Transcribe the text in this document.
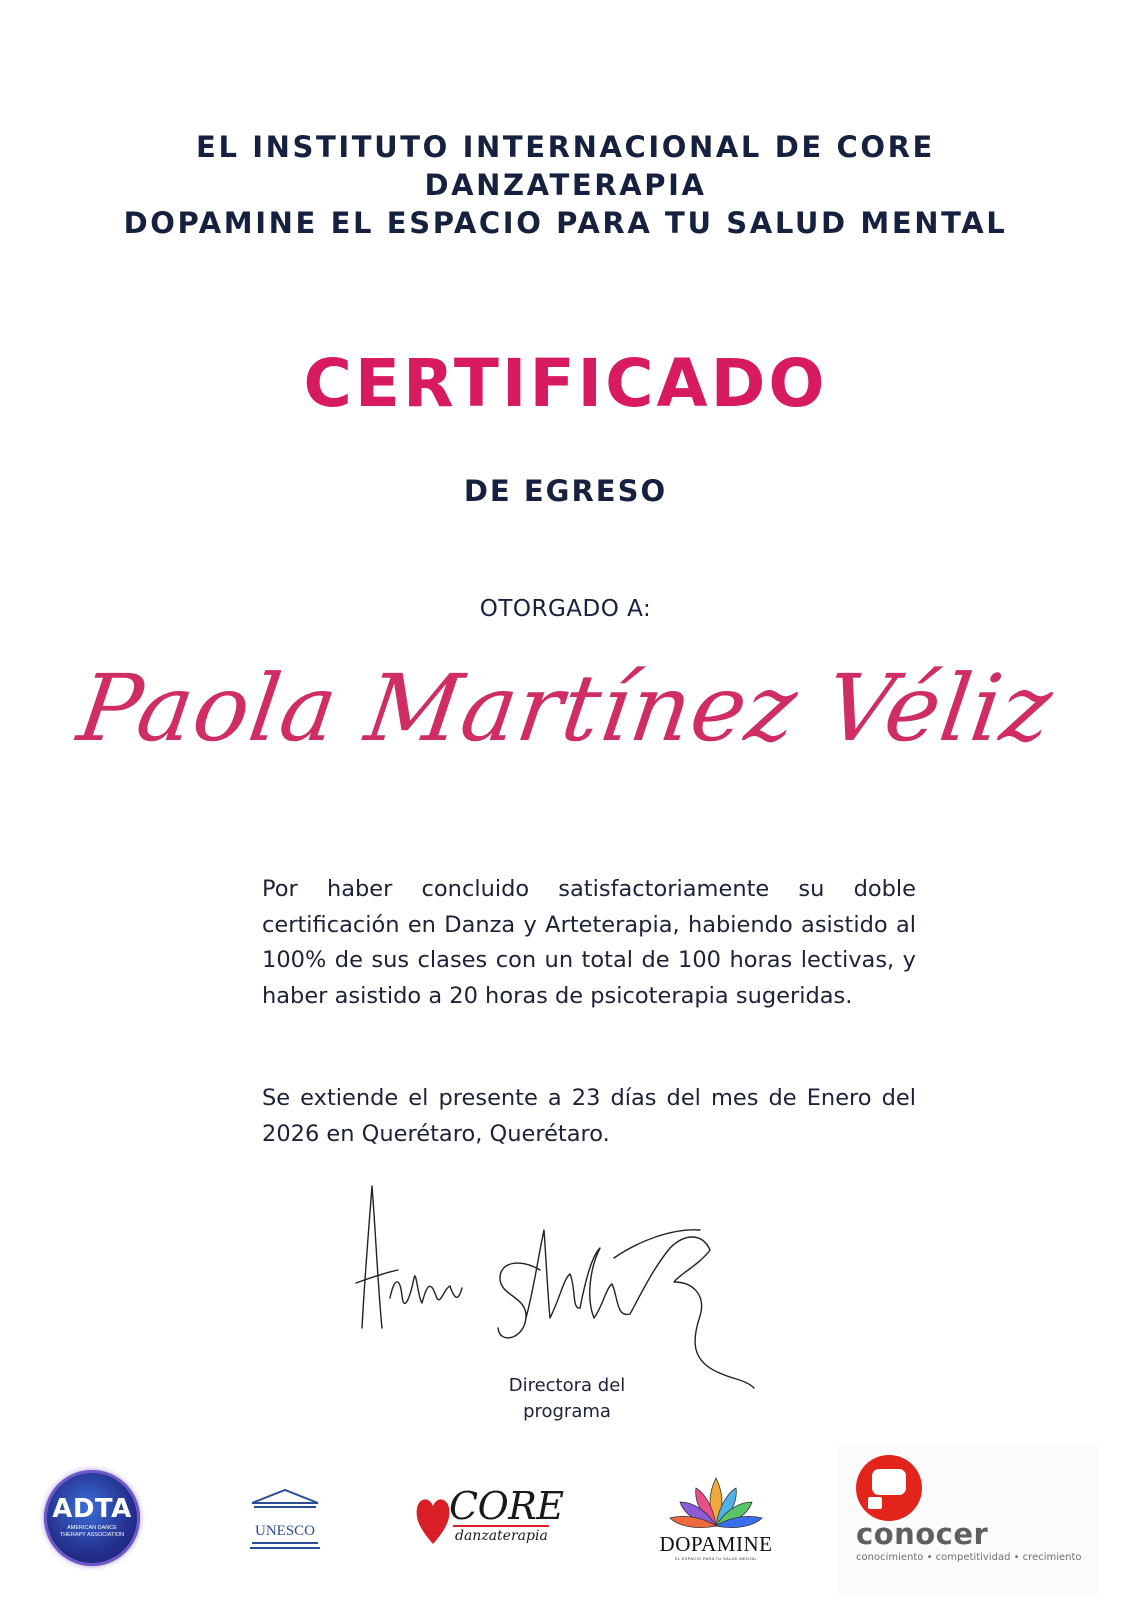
EL INSTITUTO INTERNACIONAL DE CORE
DANZATERAPIA
DOPAMINE EL ESPACIO PARA TU SALUD MENTAL
CERTIFICADO
DE EGRESO
OTORGADO A:
Paola Martínez Véliz
Por haber concluido satisfactoriamente su doble certificación en Danza y Arteterapia, habiendo asistido al 100% de sus clases con un total de 100 horas lectivas, y haber asistido a 20 horas de psicoterapia sugeridas.
Se extiende el presente a 23 días del mes de Enero del 2026 en Querétaro, Querétaro.
Directora del programa
ADTA
AMERICAN DANCE THERAPY ASSOCIATION	UNESCO
CORE
danzaterapia	DOPAMINE
EL ESPACIO PARA TU SALUD MENTAL
conocer
conocimiento • competitividad • crecimiento
